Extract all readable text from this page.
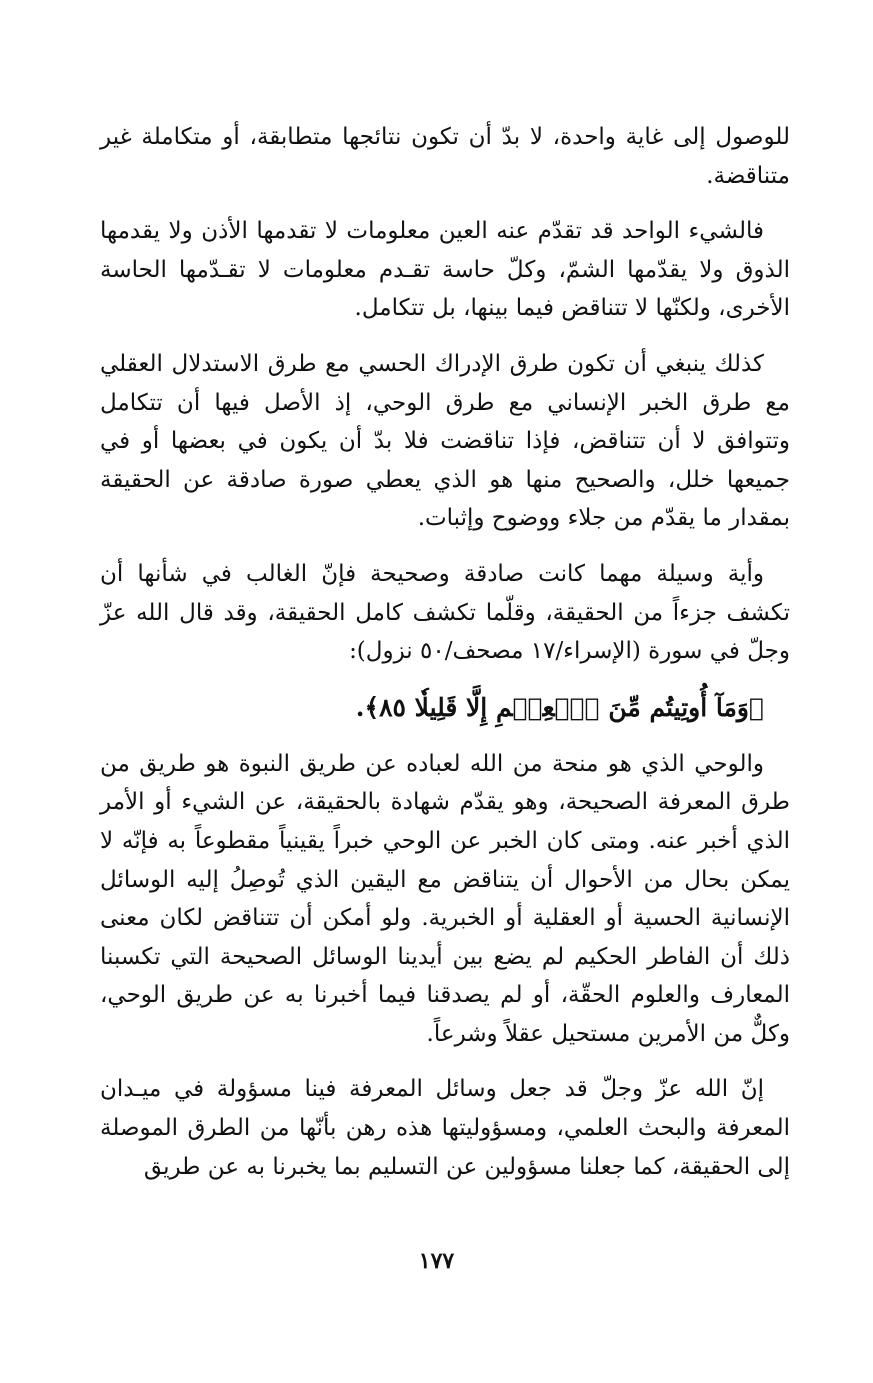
للوصول إلى غاية واحدة، لا بدّ أن تكون نتائجها متطابقة، أو متكاملة غير متناقضة.

فالشيء الواحد قد تقدّم عنه العين معلومات لا تقدمها الأذن ولا يقدمها الذوق ولا يقدّمها الشمّ، وكلّ حاسة تقـدم معلومات لا تقـدّمها الحاسة الأخرى، ولكنّها لا تتناقض فيما بينها، بل تتكامل.

كذلك ينبغي أن تكون طرق الإدراك الحسي مع طرق الاستدلال العقلي مع طرق الخبر الإنساني مع طرق الوحي، إذ الأصل فيها أن تتكامل وتتوافق لا أن تتناقض، فإذا تناقضت فلا بدّ أن يكون في بعضها أو في جميعها خلل، والصحيح منها هو الذي يعطي صورة صادقة عن الحقيقة بمقدار ما يقدّم من جلاء ووضوح وإثبات.

وأية وسيلة مهما كانت صادقة وصحيحة فإنّ الغالب في شأنها أن تكشف جزءاً من الحقيقة، وقلّما تكشف كامل الحقيقة، وقد قال الله عزّ وجلّ في سورة (الإسراء/١٧ مصحف/٥٠ نزول):

﴿وَمَآ أُوتِيتُم مِّنَ ٱلۡعِلۡمِ إِلَّا قَلِيلٗا ٨٥﴾.

والوحي الذي هو منحة من الله لعباده عن طريق النبوة هو طريق من طرق المعرفة الصحيحة، وهو يقدّم شهادة بالحقيقة، عن الشيء أو الأمر الذي أخبر عنه. ومتى كان الخبر عن الوحي خبراً يقينياً مقطوعاً به فإنّه لا يمكن بحال من الأحوال أن يتناقض مع اليقين الذي تُوصِلُ إليه الوسائل الإنسانية الحسية أو العقلية أو الخبرية. ولو أمكن أن تتناقض لكان معنى ذلك أن الفاطر الحكيم لم يضع بين أيدينا الوسائل الصحيحة التي تكسبنا المعارف والعلوم الحقّة، أو لم يصدقنا فيما أخبرنا به عن طريق الوحي، وكلٌّ من الأمرين مستحيل عقلاً وشرعاً.

إنّ الله عزّ وجلّ قد جعل وسائل المعرفة فينا مسؤولة في ميـدان المعرفة والبحث العلمي، ومسؤوليتها هذه رهن بأنّها من الطرق الموصلة إلى الحقيقة، كما جعلنا مسؤولين عن التسليم بما يخبرنا به عن طريق

١٧٧
